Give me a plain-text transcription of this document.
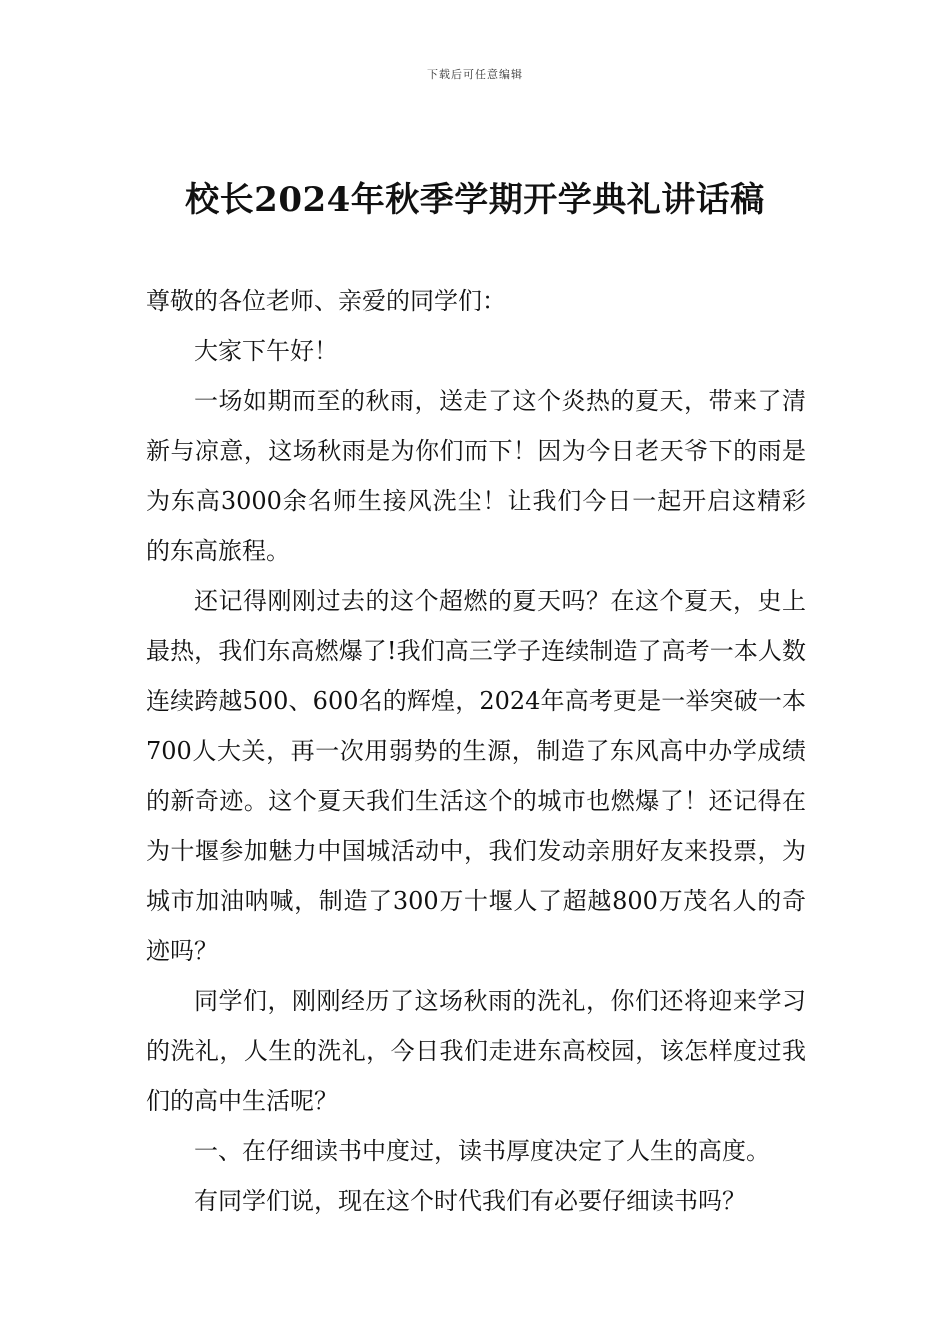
下载后可任意编辑
校长2024年秋季学期开学典礼讲话稿

尊敬的各位老师、亲爱的同学们：

大家下午好！

一场如期而至的秋雨，送走了这个炎热的夏天，带来了清新与凉意，这场秋雨是为你们而下！因为今日老天爷下的雨是为东高3000余名师生接风洗尘！让我们今日一起开启这精彩的东高旅程。

还记得刚刚过去的这个超燃的夏天吗？在这个夏天，史上最热，我们东高燃爆了!我们高三学子连续制造了高考一本人数连续跨越500、600名的辉煌，2024年高考更是一举突破一本700人大关，再一次用弱势的生源，制造了东风高中办学成绩的新奇迹。这个夏天我们生活这个的城市也燃爆了！还记得在为十堰参加魅力中国城活动中，我们发动亲朋好友来投票，为城市加油呐喊，制造了300万十堰人了超越800万茂名人的奇迹吗？

同学们，刚刚经历了这场秋雨的洗礼，你们还将迎来学习的洗礼，人生的洗礼，今日我们走进东高校园，该怎样度过我们的高中生活呢？

一、在仔细读书中度过，读书厚度决定了人生的高度。

有同学们说，现在这个时代我们有必要仔细读书吗？
